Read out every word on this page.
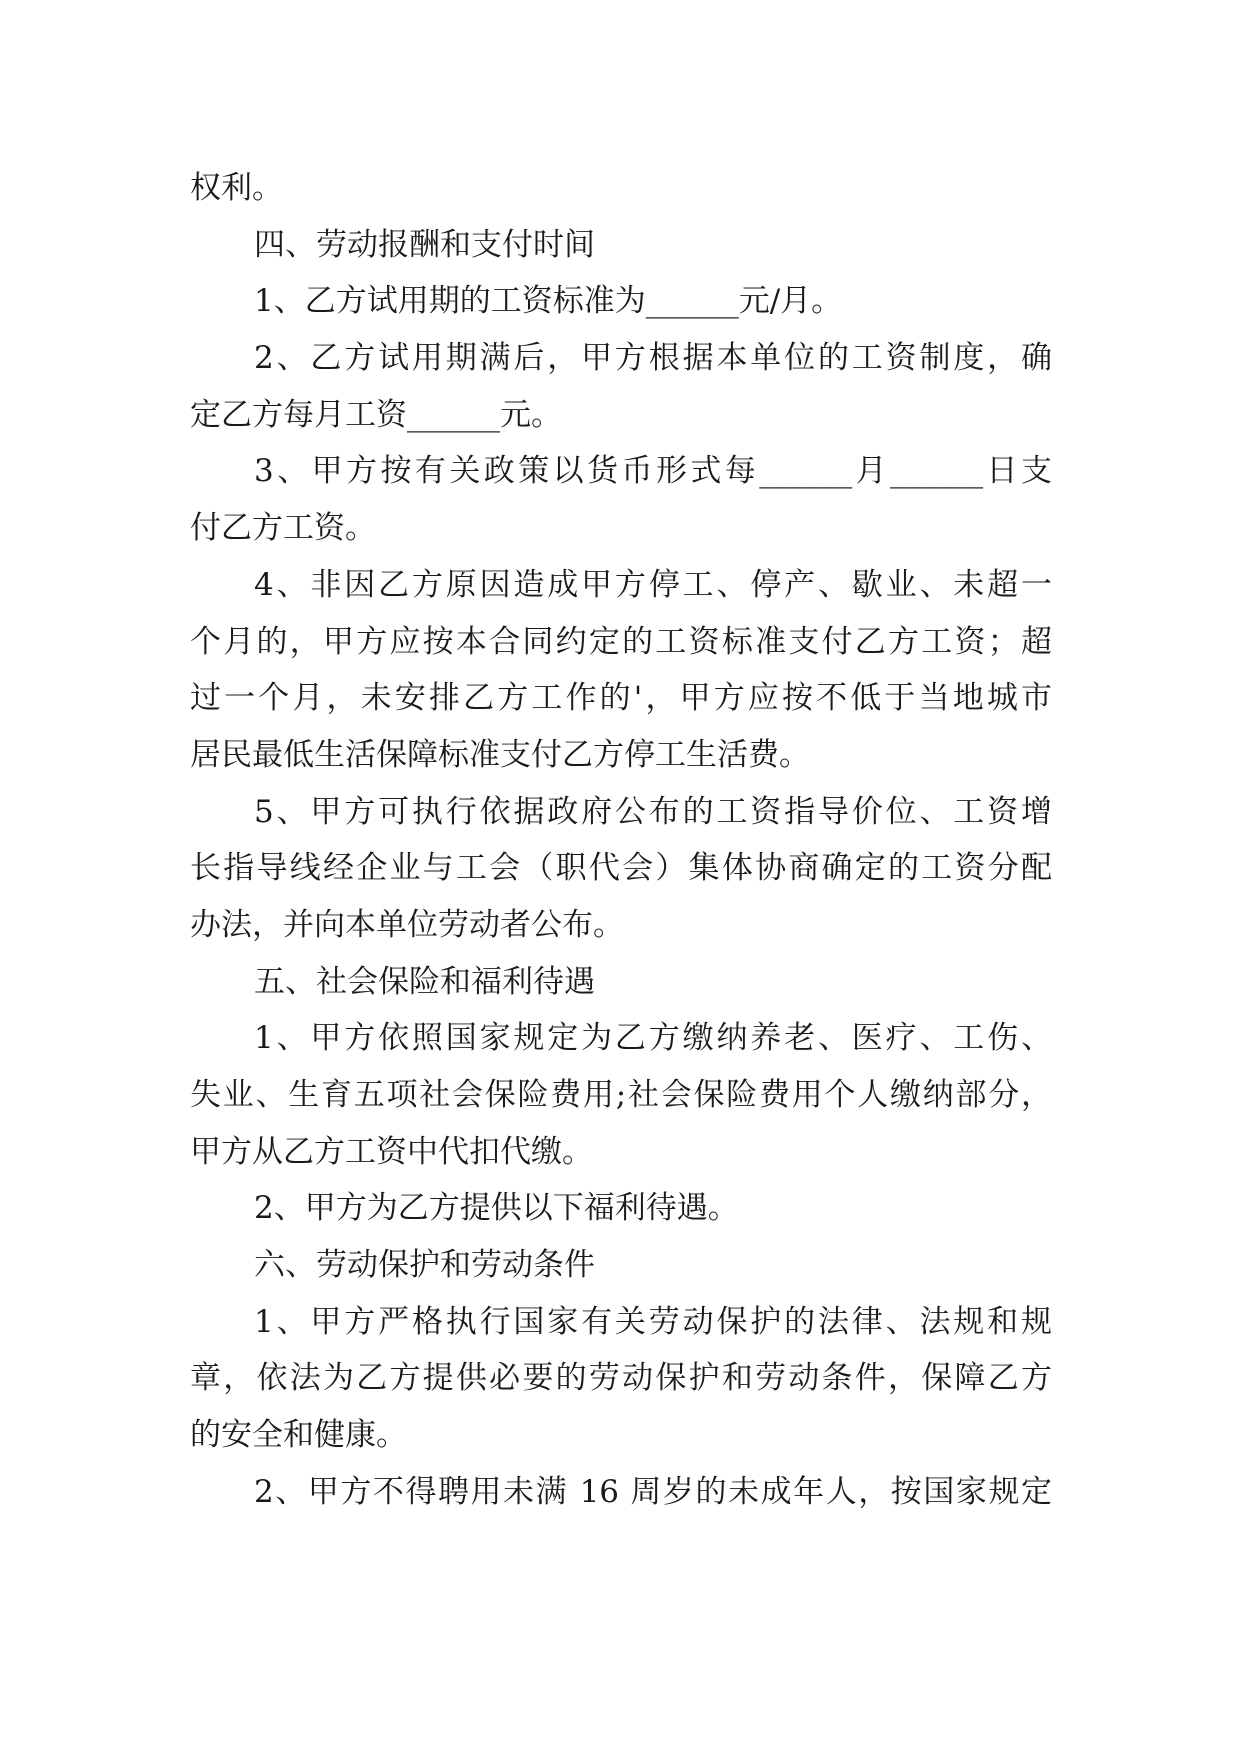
权利。
四、劳动报酬和支付时间
1、乙方试用期的工资标准为______元/月。
2、乙方试用期满后，甲方根据本单位的工资制度，确
定乙方每月工资______元。
3、甲方按有关政策以货币形式每______月______日支
付乙方工资。
4、非因乙方原因造成甲方停工、停产、歇业、未超一
个月的，甲方应按本合同约定的工资标准支付乙方工资；超
过一个月，未安排乙方工作的'，甲方应按不低于当地城市
居民最低生活保障标准支付乙方停工生活费。
5、甲方可执行依据政府公布的工资指导价位、工资增
长指导线经企业与工会（职代会）集体协商确定的工资分配
办法，并向本单位劳动者公布。
五、社会保险和福利待遇
1、甲方依照国家规定为乙方缴纳养老、医疗、工伤、
失业、生育五项社会保险费用;社会保险费用个人缴纳部分，
甲方从乙方工资中代扣代缴。
2、甲方为乙方提供以下福利待遇。
六、劳动保护和劳动条件
1、甲方严格执行国家有关劳动保护的法律、法规和规
章，依法为乙方提供必要的劳动保护和劳动条件，保障乙方
的安全和健康。
2、甲方不得聘用未满 16 周岁的未成年人，按国家规定
